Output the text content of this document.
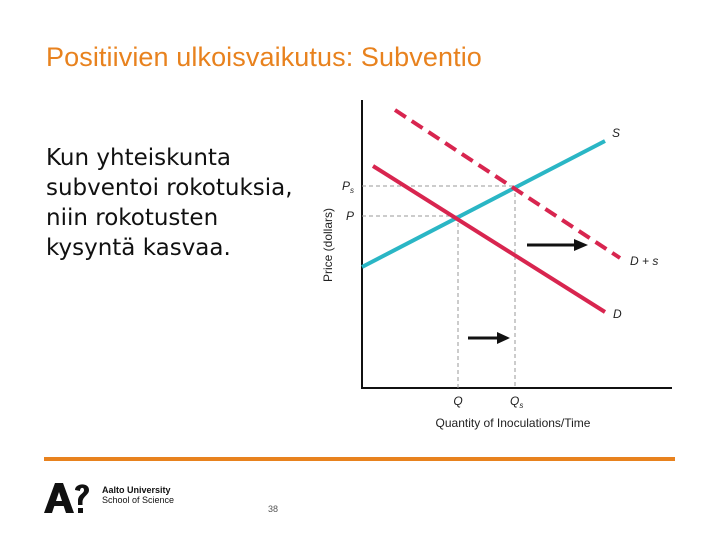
Positiivien ulkoisvaikutus: Subventio
Kun yhteiskunta
subventoi rokotuksia,
niin rokotusten
kysyntä kasvaa.	Price (dollars)
Quantity of Inoculations/Time
S
D + s
D
$P_s$
P
Q	$Q_s$
Aalto University
School of Science
38
